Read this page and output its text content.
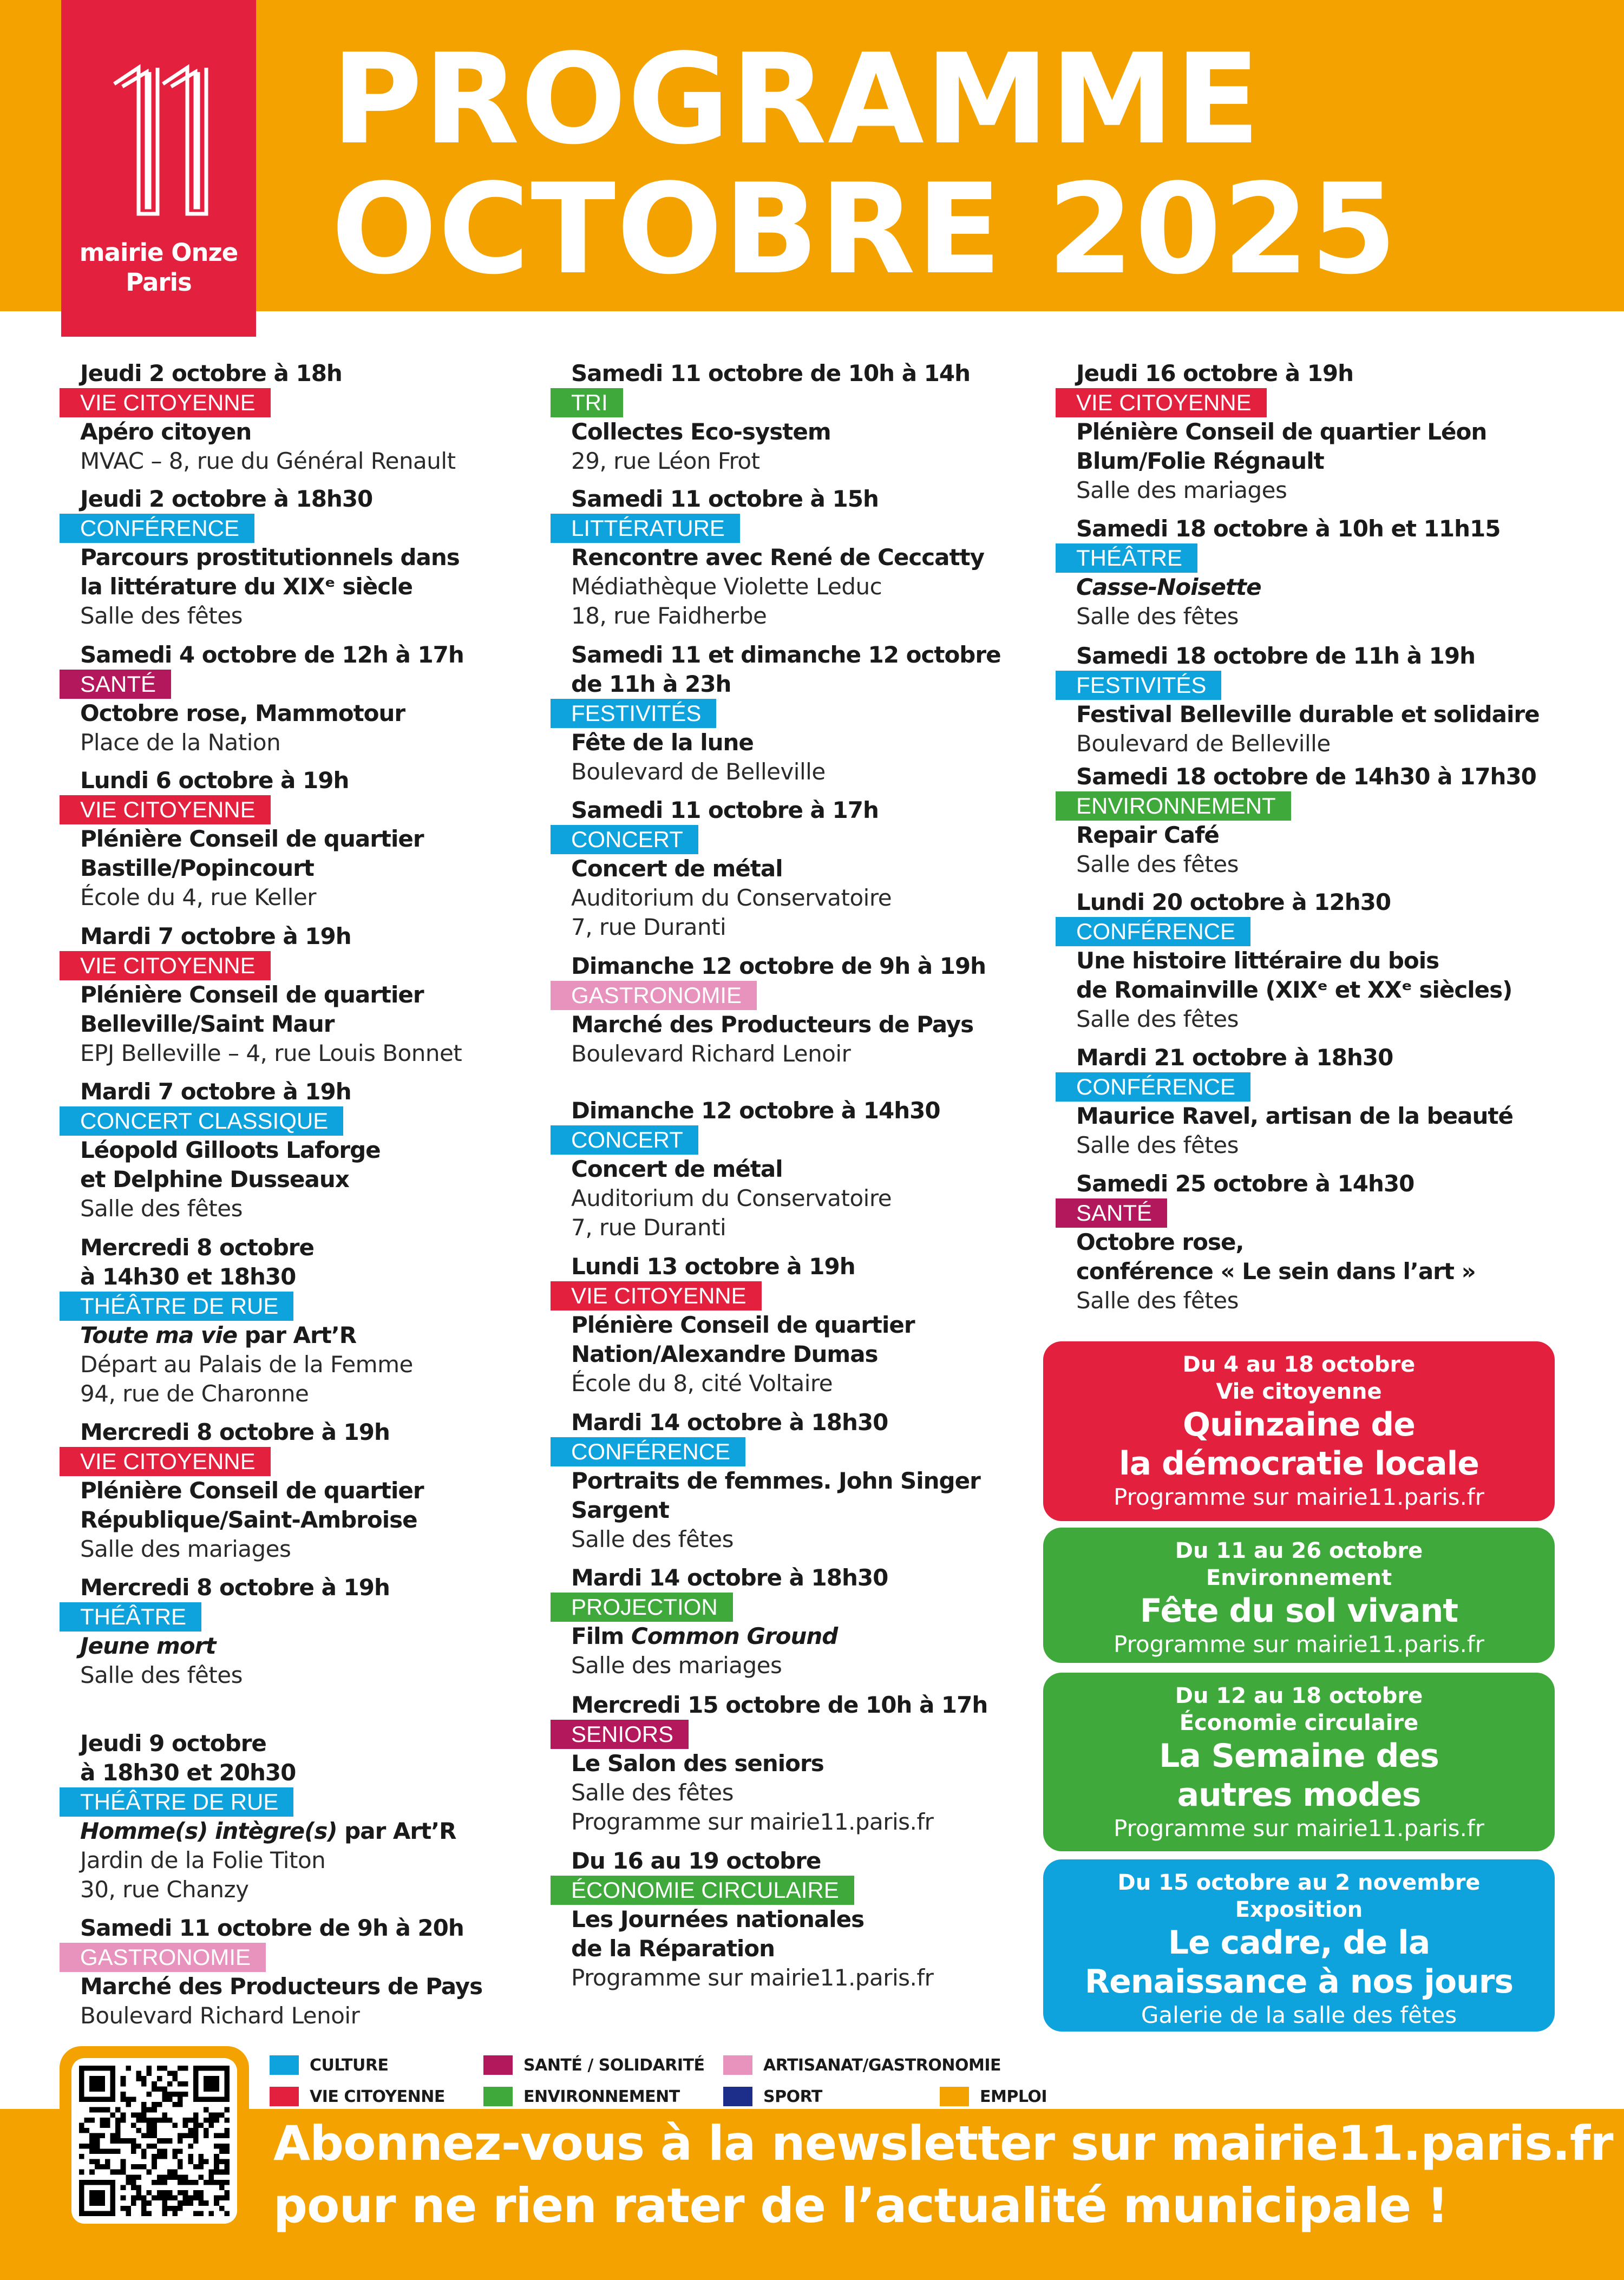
PROGRAMME
OCTOBRE 2025
mairie Onze
Paris
Jeudi 2 octobre à 18h
VIE CITOYENNE
Apéro citoyen
MVAC – 8, rue du Général Renault
Jeudi 2 octobre à 18h30
CONFÉRENCE
Parcours prostitutionnels dans
la littérature du XIXᵉ siècle
Salle des fêtes
Samedi 4 octobre de 12h à 17h
SANTÉ
Octobre rose, Mammotour
Place de la Nation
Lundi 6 octobre à 19h
VIE CITOYENNE
Plénière Conseil de quartier
Bastille/Popincourt
École du 4, rue Keller
Mardi 7 octobre à 19h
VIE CITOYENNE
Plénière Conseil de quartier
Belleville/Saint Maur
EPJ Belleville – 4, rue Louis Bonnet
Mardi 7 octobre à 19h
CONCERT CLASSIQUE
Léopold Gilloots Laforge
et Delphine Dusseaux
Salle des fêtes
Mercredi 8 octobre
à 14h30 et 18h30
THÉÂTRE DE RUE
Toute ma vie par Art’R
Départ au Palais de la Femme
94, rue de Charonne
Mercredi 8 octobre à 19h
VIE CITOYENNE
Plénière Conseil de quartier
République/Saint-Ambroise
Salle des mariages
Mercredi 8 octobre à 19h
THÉÂTRE
Jeune mort
Salle des fêtes
Jeudi 9 octobre
à 18h30 et 20h30
THÉÂTRE DE RUE
Homme(s) intègre(s) par Art’R
Jardin de la Folie Titon
30, rue Chanzy
Samedi 11 octobre de 9h à 20h
GASTRONOMIE
Marché des Producteurs de Pays
Boulevard Richard Lenoir
Samedi 11 octobre de 10h à 14h
TRI
Collectes Eco-system
29, rue Léon Frot
Samedi 11 octobre à 15h
LITTÉRATURE
Rencontre avec René de Ceccatty
Médiathèque Violette Leduc
18, rue Faidherbe
Samedi 11 et dimanche 12 octobre
de 11h à 23h
FESTIVITÉS
Fête de la lune
Boulevard de Belleville
Samedi 11 octobre à 17h
CONCERT
Concert de métal
Auditorium du Conservatoire
7, rue Duranti
Dimanche 12 octobre de 9h à 19h
GASTRONOMIE
Marché des Producteurs de Pays
Boulevard Richard Lenoir
Dimanche 12 octobre à 14h30
CONCERT
Concert de métal
Auditorium du Conservatoire
7, rue Duranti
Lundi 13 octobre à 19h
VIE CITOYENNE
Plénière Conseil de quartier
Nation/Alexandre Dumas
École du 8, cité Voltaire
Mardi 14 octobre à 18h30
CONFÉRENCE
Portraits de femmes. John Singer
Sargent
Salle des fêtes
Mardi 14 octobre à 18h30
PROJECTION
Film Common Ground
Salle des mariages
Mercredi 15 octobre de 10h à 17h
SENIORS
Le Salon des seniors
Salle des fêtes
Programme sur mairie11.paris.fr
Du 16 au 19 octobre
ÉCONOMIE CIRCULAIRE
Les Journées nationales
de la Réparation
Programme sur mairie11.paris.fr
Jeudi 16 octobre à 19h
VIE CITOYENNE
Plénière Conseil de quartier Léon
Blum/Folie Régnault
Salle des mariages
Samedi 18 octobre à 10h et 11h15
THÉÂTRE
Casse-Noisette
Salle des fêtes
Samedi 18 octobre de 11h à 19h
FESTIVITÉS
Festival Belleville durable et solidaire
Boulevard de Belleville
Samedi 18 octobre de 14h30 à 17h30
ENVIRONNEMENT
Repair Café
Salle des fêtes
Lundi 20 octobre à 12h30
CONFÉRENCE
Une histoire littéraire du bois
de Romainville (XIXᵉ et XXᵉ siècles)
Salle des fêtes
Mardi 21 octobre à 18h30
CONFÉRENCE
Maurice Ravel, artisan de la beauté
Salle des fêtes
Samedi 25 octobre à 14h30
SANTÉ
Octobre rose,
conférence « Le sein dans l’art »
Salle des fêtes
Du 4 au 18 octobre
Vie citoyenne
Quinzaine de
la démocratie locale
Programme sur mairie11.paris.fr
Du 11 au 26 octobre
Environnement
Fête du sol vivant
Programme sur mairie11.paris.fr
Du 12 au 18 octobre
Économie circulaire
La Semaine des
autres modes
Programme sur mairie11.paris.fr
Du 15 octobre au 2 novembre
Exposition
Le cadre, de la
Renaissance à nos jours
Galerie de la salle des fêtes
Abonnez-vous à la newsletter sur mairie11.paris.fr
pour ne rien rater de l’actualité municipale !
CULTURE	SANTÉ / SOLIDARITÉ	ARTISANAT/GASTRONOMIE
VIE CITOYENNE	ENVIRONNEMENT	SPORT	EMPLOI
